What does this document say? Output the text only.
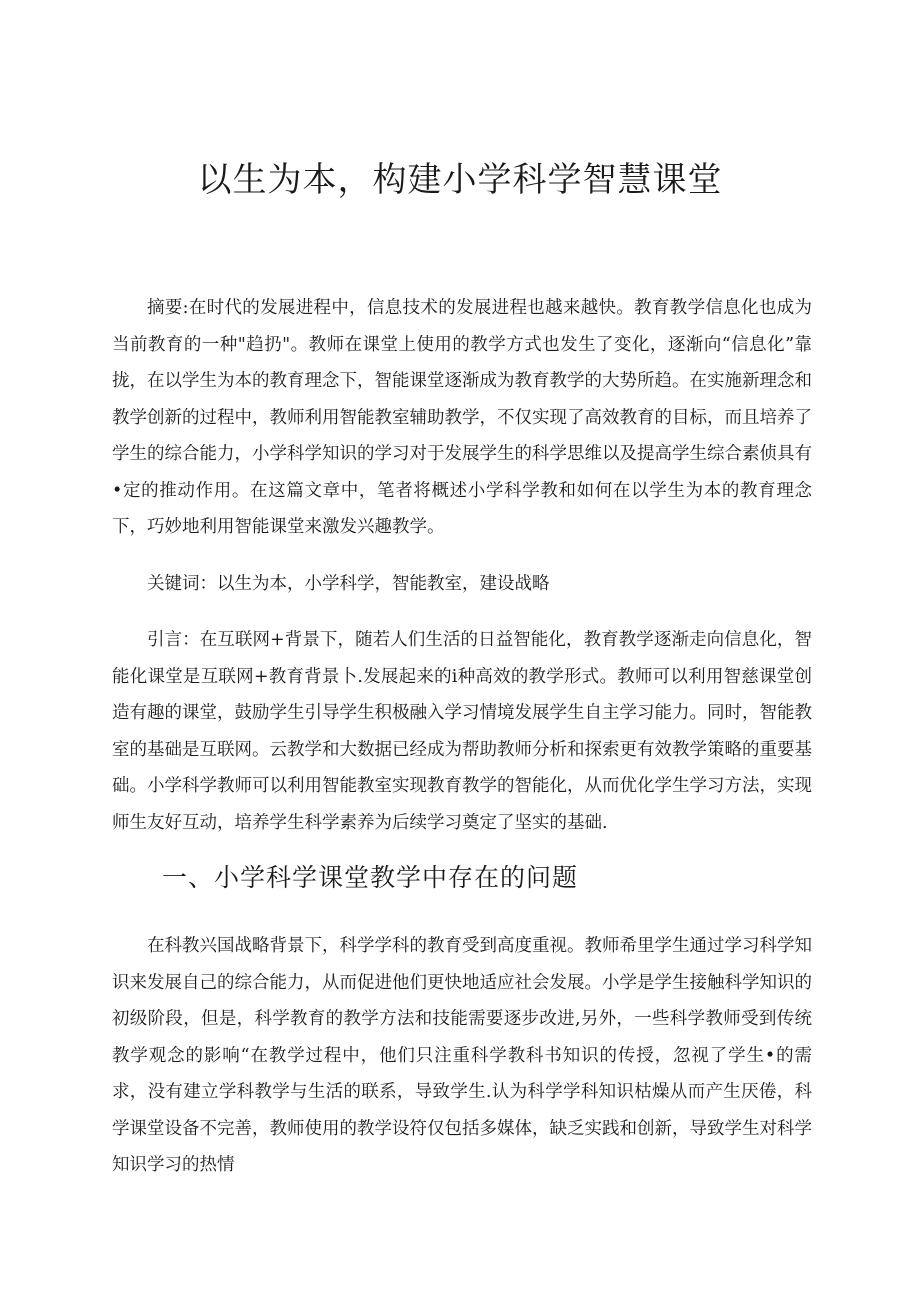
以生为本，构建小学科学智慧课堂

摘要:在时代的发展进程中，信息技术的发展进程也越来越快。教育教学信息化也成为当前教育的一种"趋扔"。教师在课堂上使用的教学方式也发生了变化，逐渐向“信息化”靠拢，在以学生为本的教育理念下，智能课堂逐渐成为教育教学的大势所趋。在实施新理念和教学创新的过程中，教师利用智能教室辅助教学，不仅实现了高效教育的目标，而且培养了学生的综合能力，小学科学知识的学习对于发展学生的科学思维以及提高学生综合素侦具有•定的推动作用。在这篇文章中，笔者将概述小学科学教和如何在以学生为本的教育理念下，巧妙地利用智能课堂来激发兴趣教学。

关键词：以生为本，小学科学，智能教室，建设战略

引言：在互联网+背景下，随若人们生活的日益智能化，教育教学逐渐走向信息化，智能化课堂是互联网+教育背景卜.发展起来的i种高效的教学形式。教师可以利用智慈课堂创造有趣的课堂，鼓励学生引导学生积极融入学习情境发展学生自主学习能力。同时，智能教室的基础是互联网。云教学和大数据已经成为帮助教师分析和探索更有效教学策略的重要基础。小学科学教师可以利用智能教室实现教育教学的智能化，从而优化学生学习方法，实现师生友好互动，培养学生科学素养为后续学习奠定了坚实的基础.

一、小学科学课堂教学中存在的问题

在科教兴国战略背景下，科学学科的教育受到高度重视。教师希里学生通过学习科学知识来发展自己的综合能力，从而促进他们更快地适应社会发展。小学是学生接触科学知识的初级阶段，但是，科学教育的教学方法和技能需要逐步改进,另外，一些科学教师受到传统教学观念的影响“在教学过程中，他们只注重科学教科书知识的传授，忽视了学生•的需求，没有建立学科教学与生活的联系，导致学生.认为科学学科知识枯燥从而产生厌倦，科学课堂设备不完善，教师使用的教学设符仅包括多媒体，缺乏实践和创新，导致学生对科学知识学习的热情
